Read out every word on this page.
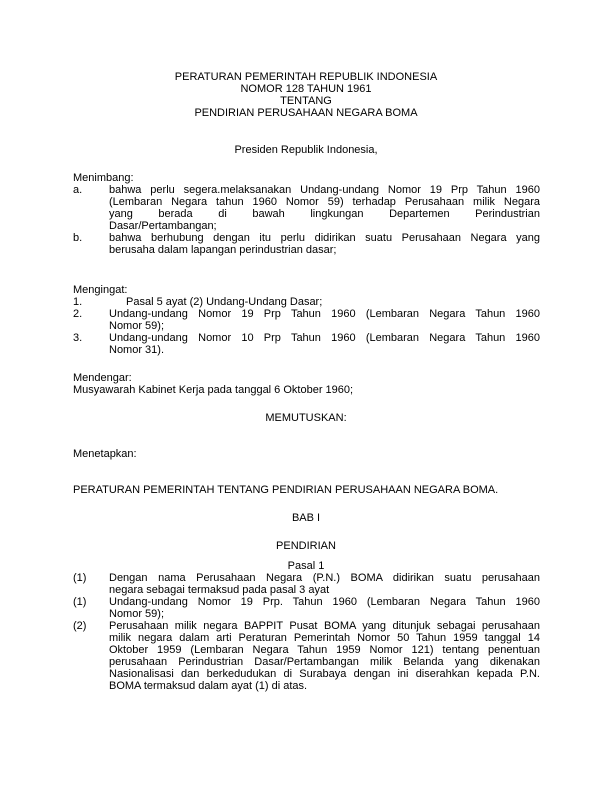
PERATURAN PEMERINTAH REPUBLIK INDONESIA
NOMOR 128 TAHUN 1961
TENTANG
PENDIRIAN PERUSAHAAN NEGARA BOMA
Presiden Republik Indonesia,
Menimbang:
a. bahwa perlu segera.melaksanakan Undang-undang Nomor 19 Prp Tahun 1960
(Lembaran Negara tahun 1960 Nomor 59) terhadap Perusahaan milik Negara
yang berada di bawah lingkungan Departemen Perindustrian
Dasar/Pertambangan;
b. bahwa berhubung dengan itu perlu didirikan suatu Perusahaan Negara yang
berusaha dalam lapangan perindustrian dasar;
Mengingat:
1.	Pasal 5 ayat (2) Undang-Undang Dasar;
2. Undang-undang Nomor 19 Prp Tahun 1960 (Lembaran Negara Tahun 1960
Nomor 59);
3. Undang-undang Nomor 10 Prp Tahun 1960 (Lembaran Negara Tahun 1960
Nomor 31).
Mendengar:
Musyawarah Kabinet Kerja pada tanggal 6 Oktober 1960;
MEMUTUSKAN:
Menetapkan:
PERATURAN PEMERINTAH TENTANG PENDIRIAN PERUSAHAAN NEGARA BOMA.
BAB I
PENDIRIAN
Pasal 1
(1) Dengan nama Perusahaan Negara (P.N.) BOMA didirikan suatu perusahaan
negara sebagai termaksud pada pasal 3 ayat
(1) Undang-undang Nomor 19 Prp. Tahun 1960 (Lembaran Negara Tahun 1960
Nomor 59);
(2) Perusahaan milik negara BAPPIT Pusat BOMA yang ditunjuk sebagai perusahaan
milik negara dalam arti Peraturan Pemerintah Nomor 50 Tahun 1959 tanggal 14
Oktober 1959 (Lembaran Negara Tahun 1959 Nomor 121) tentang penentuan
perusahaan Perindustrian Dasar/Pertambangan milik Belanda yang dikenakan
Nasionalisasi dan berkedudukan di Surabaya dengan ini diserahkan kepada P.N.
BOMA termaksud dalam ayat (1) di atas.
